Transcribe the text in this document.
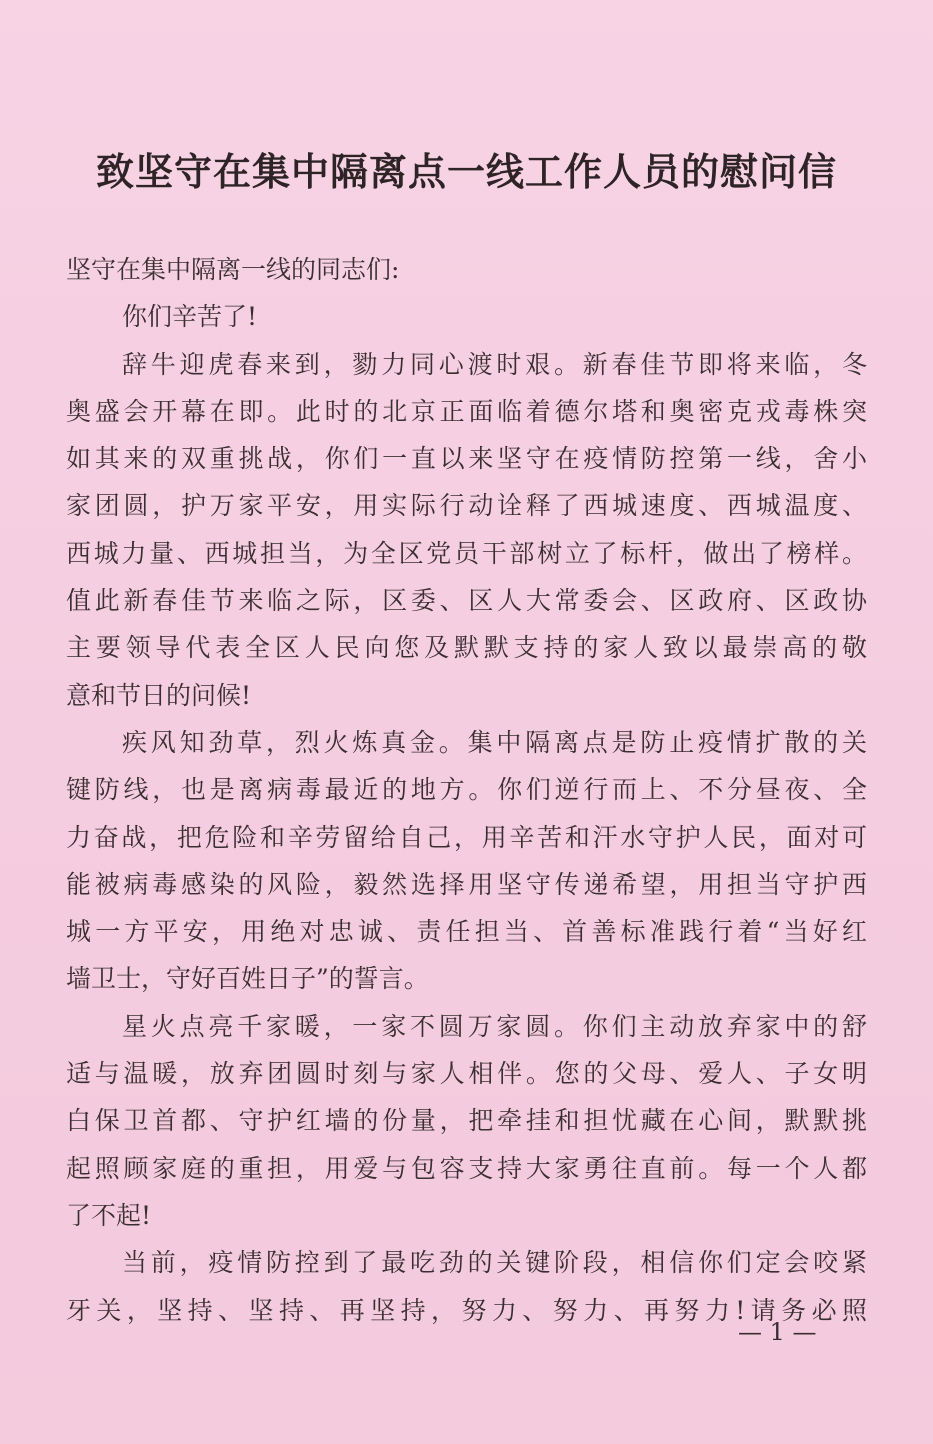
致坚守在集中隔离点一线工作人员的慰问信
坚守在集中隔离一线的同志们:
你们辛苦了!
辞牛迎虎春来到，勠力同心渡时艰。新春佳节即将来临，冬
奥盛会开幕在即。此时的北京正面临着德尔塔和奥密克戎毒株突
如其来的双重挑战，你们一直以来坚守在疫情防控第一线，舍小
家团圆，护万家平安，用实际行动诠释了西城速度、西城温度、
西城力量、西城担当，为全区党员干部树立了标杆，做出了榜样。
值此新春佳节来临之际，区委、区人大常委会、区政府、区政协
主要领导代表全区人民向您及默默支持的家人致以最崇高的敬
意和节日的问候!
疾风知劲草，烈火炼真金。集中隔离点是防止疫情扩散的关
键防线，也是离病毒最近的地方。你们逆行而上、不分昼夜、全
力奋战，把危险和辛劳留给自己，用辛苦和汗水守护人民，面对可
能被病毒感染的风险，毅然选择用坚守传递希望，用担当守护西
城一方平安，用绝对忠诚、责任担当、首善标准践行着“当好红
墙卫士，守好百姓日子”的誓言。
星火点亮千家暖，一家不圆万家圆。你们主动放弃家中的舒
适与温暖，放弃团圆时刻与家人相伴。您的父母、爱人、子女明
白保卫首都、守护红墙的份量，把牵挂和担忧藏在心间，默默挑
起照顾家庭的重担，用爱与包容支持大家勇往直前。每一个人都
了不起!
当前，疫情防控到了最吃劲的关键阶段，相信你们定会咬紧
牙关，坚持、坚持、再坚持，努力、努力、再努力!请务必照
— 1 —
